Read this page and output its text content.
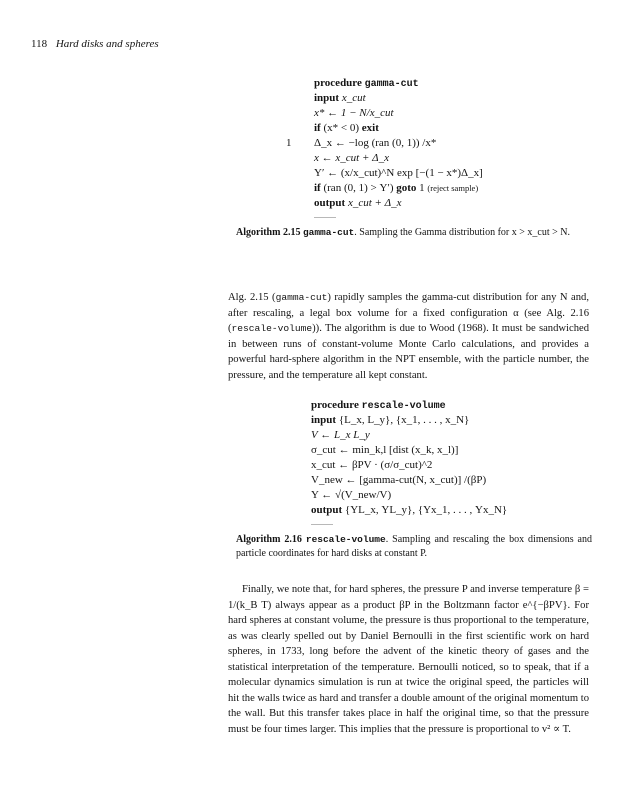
118 Hard disks and spheres
procedure gamma-cut
input x_cut
x* ← 1 − N/x_cut
if (x* < 0) exit
1 Δ_x ← −log (ran (0, 1)) /x*
x ← x_cut + Δ_x
Υ′ ← (x/x_cut)^N exp [−(1 − x*)Δ_x]
if (ran (0, 1) > Υ′) goto 1 (reject sample)
output x_cut + Δ_x
Algorithm 2.15 gamma-cut. Sampling the Gamma distribution for x > x_cut > N.
Alg. 2.15 (gamma-cut) rapidly samples the gamma-cut distribution for any N and, after rescaling, a legal box volume for a fixed configuration α (see Alg. 2.16 (rescale-volume)). The algorithm is due to Wood (1968). It must be sandwiched in between runs of constant-volume Monte Carlo calculations, and provides a powerful hard-sphere algorithm in the NPT ensemble, with the particle number, the pressure, and the temperature all kept constant.
procedure rescale-volume
input {L_x, L_y}, {x_1, . . . , x_N}
V ← L_x L_y
σ_cut ← min_k,l [dist (x_k, x_l)]
x_cut ← βPV · (σ/σ_cut)^2
V_new ← [gamma-cut(N, x_cut)] /(βP)
Υ ← √(V_new/V)
output {ΥL_x, ΥL_y}, {Υx_1, . . . , Υx_N}
Algorithm 2.16 rescale-volume. Sampling and rescaling the box dimensions and particle coordinates for hard disks at constant P.
Finally, we note that, for hard spheres, the pressure P and inverse temperature β = 1/(k_B T) always appear as a product βP in the Boltzmann factor e^{−βPV}. For hard spheres at constant volume, the pressure is thus proportional to the temperature, as was clearly spelled out by Daniel Bernoulli in the first scientific work on hard spheres, in 1733, long before the advent of the kinetic theory of gases and the statistical interpretation of the temperature. Bernoulli noticed, so to speak, that if a molecular dynamics simulation is run at twice the original speed, the particles will hit the walls twice as hard and transfer a double amount of the original momentum to the wall. But this transfer takes place in half the original time, so that the pressure must be four times larger. This implies that the pressure is proportional to v² ∝ T.
